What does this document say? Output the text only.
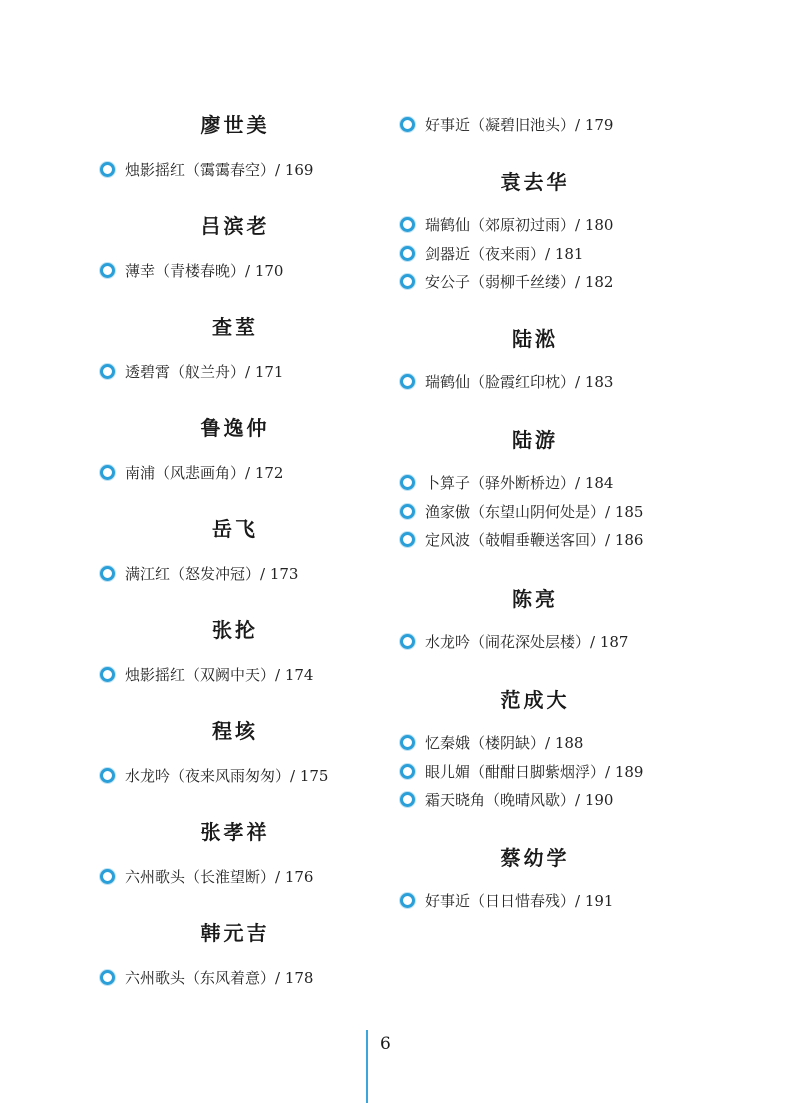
廖世美
烛影摇红（霭霭春空）/ 169
吕滨老
薄幸（青楼春晚）/ 170
查荎
透碧霄（舣兰舟）/ 171
鲁逸仲
南浦（风悲画角）/ 172
岳飞
满江红（怒发冲冠）/ 173
张抡
烛影摇红（双阙中天）/ 174
程垓
水龙吟（夜来风雨匆匆）/ 175
张孝祥
六州歌头（长淮望断）/ 176
韩元吉
六州歌头（东风着意）/ 178
好事近（凝碧旧池头）/ 179
袁去华
瑞鹤仙（郊原初过雨）/ 180
剑器近（夜来雨）/ 181
安公子（弱柳千丝缕）/ 182
陆淞
瑞鹤仙（脸霞红印枕）/ 183
陆游
卜算子（驿外断桥边）/ 184
渔家傲（东望山阴何处是）/ 185
定风波（攲帽垂鞭送客回）/ 186
陈亮
水龙吟（闹花深处层楼）/ 187
范成大
忆秦娥（楼阴缺）/ 188
眼儿媚（酣酣日脚紫烟浮）/ 189
霜天晓角（晚晴风歇）/ 190
蔡幼学
好事近（日日惜春残）/ 191
6
